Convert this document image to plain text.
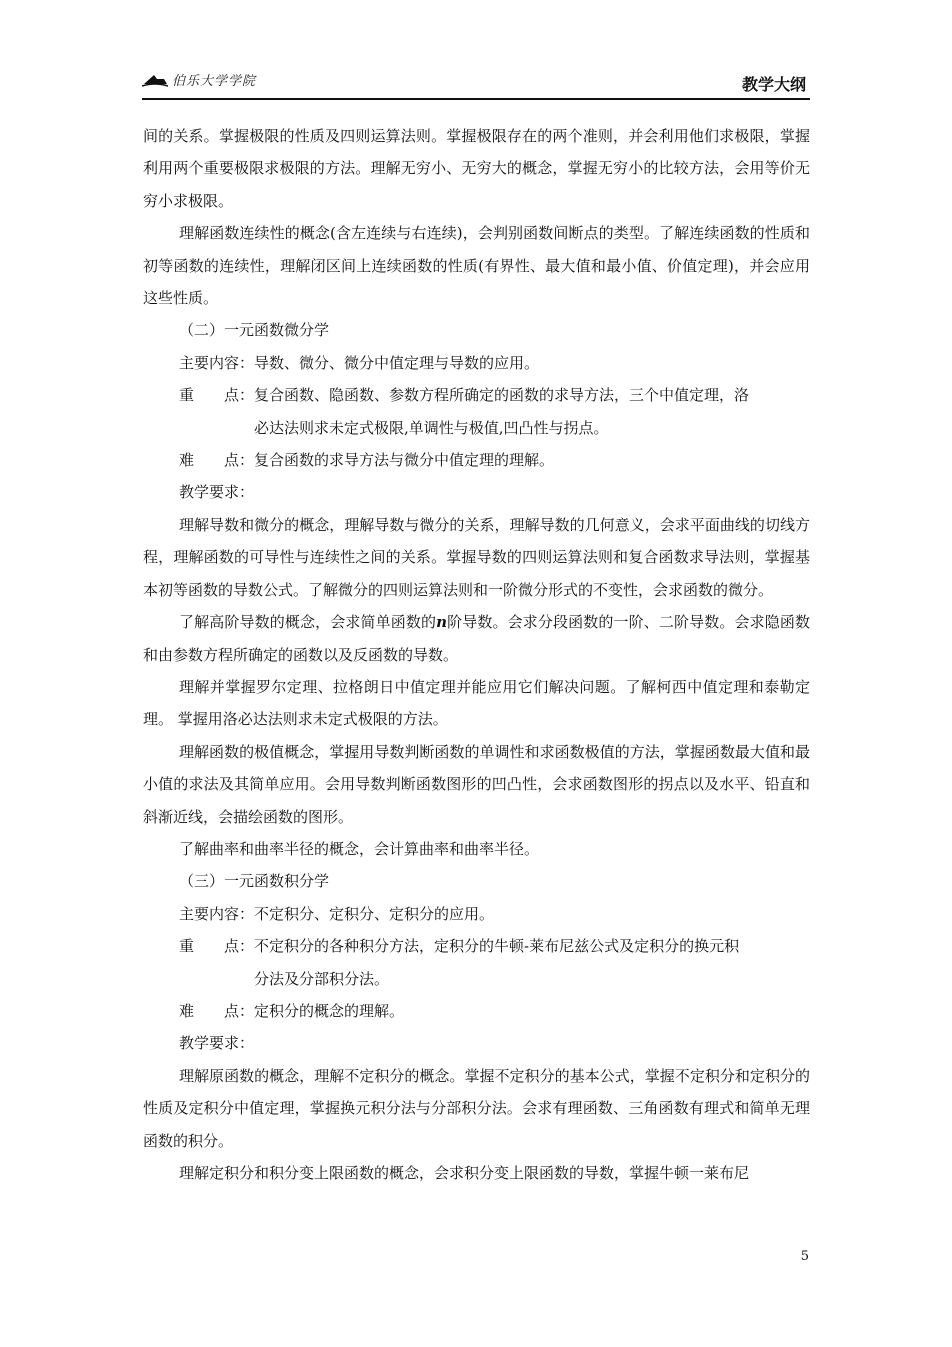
伯乐大学学院	教学大纲

间的关系。掌握极限的性质及四则运算法则。掌握极限存在的两个准则，并会利用他们求极限，掌握利用两个重要极限求极限的方法。理解无穷小、无穷大的概念，掌握无穷小的比较方法，会用等价无穷小求极限。

理解函数连续性的概念(含左连续与右连续)，会判别函数间断点的类型。了解连续函数的性质和初等函数的连续性，理解闭区间上连续函数的性质(有界性、最大值和最小值、价值定理)，并会应用这些性质。

（二）一元函数微分学

主要内容：导数、微分、微分中值定理与导数的应用。

重　　点： 复合函数、隐函数、参数方程所确定的函数的求导方法，三个中值定理，洛
必达法则求未定式极限,单调性与极值,凹凸性与拐点。
难　　点： 复合函数的求导方法与微分中值定理的理解。

教学要求：

理解导数和微分的概念，理解导数与微分的关系，理解导数的几何意义，会求平面曲线的切线方程，理解函数的可导性与连续性之间的关系。掌握导数的四则运算法则和复合函数求导法则，掌握基本初等函数的导数公式。了解微分的四则运算法则和一阶微分形式的不变性，会求函数的微分。

了解高阶导数的概念，会求简单函数的n阶导数。会求分段函数的一阶、二阶导数。会求隐函数和由参数方程所确定的函数以及反函数的导数。

理解并掌握罗尔定理、拉格朗日中值定理并能应用它们解决问题。了解柯西中值定理和泰勒定理。 掌握用洛必达法则求未定式极限的方法。

理解函数的极值概念，掌握用导数判断函数的单调性和求函数极值的方法，掌握函数最大值和最小值的求法及其简单应用。会用导数判断函数图形的凹凸性，会求函数图形的拐点以及水平、铅直和斜渐近线，会描绘函数的图形。

了解曲率和曲率半径的概念，会计算曲率和曲率半径。

（三）一元函数积分学

主要内容：不定积分、定积分、定积分的应用。

重　　点： 不定积分的各种积分方法，定积分的牛顿-莱布尼兹公式及定积分的换元积
分法及分部积分法。
难　　点： 定积分的概念的理解。

教学要求：

理解原函数的概念，理解不定积分的概念。掌握不定积分的基本公式，掌握不定积分和定积分的性质及定积分中值定理，掌握换元积分法与分部积分法。会求有理函数、三角函数有理式和简单无理函数的积分。

理解定积分和积分变上限函数的概念，会求积分变上限函数的导数，掌握牛顿一莱布尼

5
